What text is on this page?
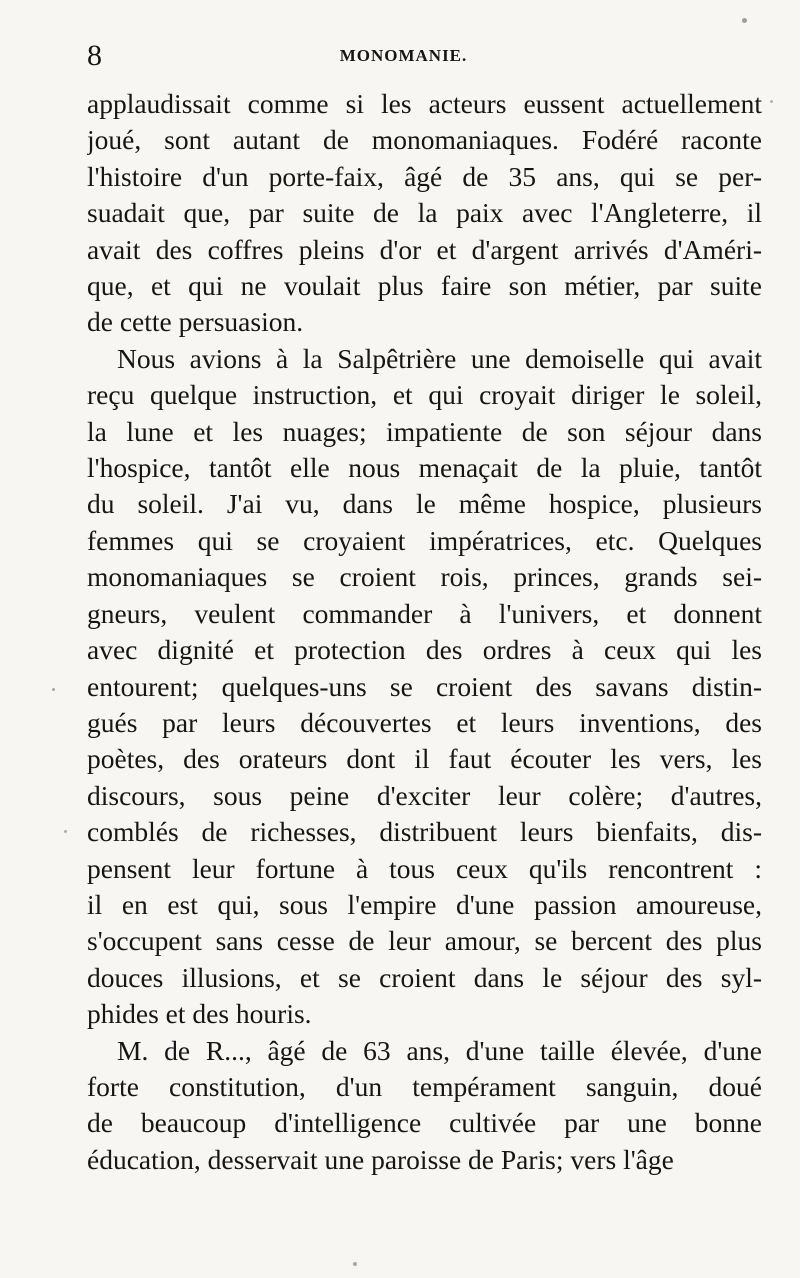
8	MONOMANIE.

applaudissait comme si les acteurs eussent actuellement
joué, sont autant de monomaniaques. Fodéré raconte
l'histoire d'un porte-faix, âgé de 35 ans, qui se per-
suadait que, par suite de la paix avec l'Angleterre, il
avait des coffres pleins d'or et d'argent arrivés d'Améri-
que, et qui ne voulait plus faire son métier, par suite
de cette persuasion.

Nous avions à la Salpêtrière une demoiselle qui avait
reçu quelque instruction, et qui croyait diriger le soleil,
la lune et les nuages; impatiente de son séjour dans
l'hospice, tantôt elle nous menaçait de la pluie, tantôt
du soleil. J'ai vu, dans le même hospice, plusieurs
femmes qui se croyaient impératrices, etc. Quelques
monomaniaques se croient rois, princes, grands sei-
gneurs, veulent commander à l'univers, et donnent
avec dignité et protection des ordres à ceux qui les
entourent; quelques-uns se croient des savans distin-
gués par leurs découvertes et leurs inventions, des
poètes, des orateurs dont il faut écouter les vers, les
discours, sous peine d'exciter leur colère; d'autres,
comblés de richesses, distribuent leurs bienfaits, dis-
pensent leur fortune à tous ceux qu'ils rencontrent :
il en est qui, sous l'empire d'une passion amoureuse,
s'occupent sans cesse de leur amour, se bercent des plus
douces illusions, et se croient dans le séjour des syl-
phides et des houris.

M. de R..., âgé de 63 ans, d'une taille élevée, d'une
forte constitution, d'un tempérament sanguin, doué
de beaucoup d'intelligence cultivée par une bonne
éducation, desservait une paroisse de Paris; vers l'âge
